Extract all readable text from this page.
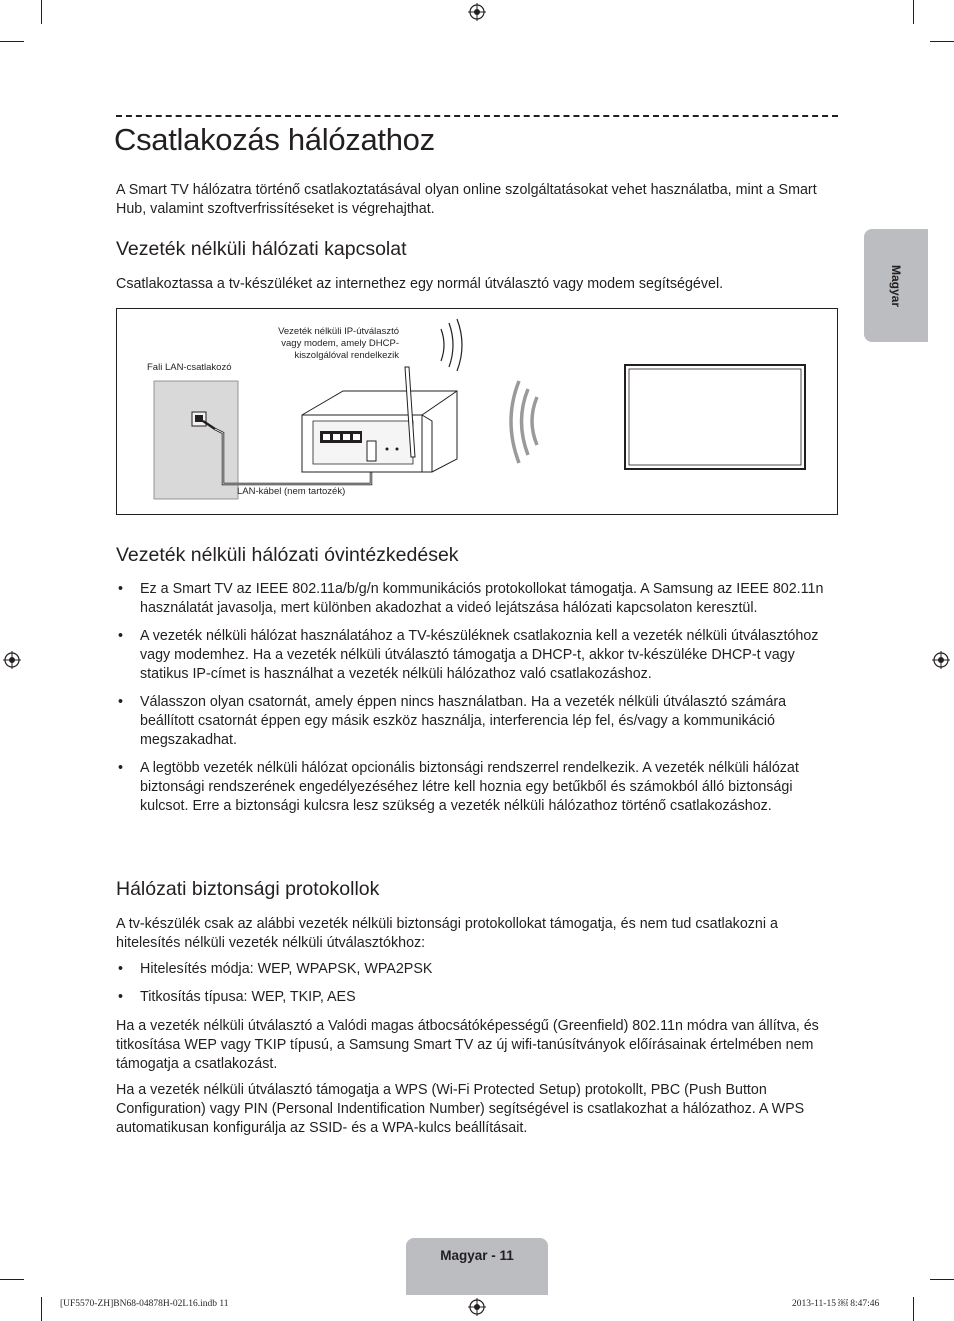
Magyar
Csatlakozás hálózathoz

A Smart TV hálózatra történő csatlakoztatásával olyan online szolgáltatásokat vehet használatba, mint a Smart Hub, valamint szoftverfrissítéseket is végrehajthat.

Vezeték nélküli hálózati kapcsolat

Csatlakoztassa a tv-készüléket az internethez egy normál útválasztó vagy modem segítségével.

Vezeték nélküli IP-útválasztó
vagy modem, amely DHCP-
kiszolgálóval rendelkezik
Fali LAN-csatlakozó
LAN-kábel (nem tartozék)
Vezeték nélküli hálózati óvintézkedések
• Ez a Smart TV az IEEE 802.11a/b/g/n kommunikációs protokollokat támogatja. A Samsung az IEEE 802.11n használatát javasolja, mert különben akadozhat a videó lejátszása hálózati kapcsolaton keresztül.
• A vezeték nélküli hálózat használatához a TV-készüléknek csatlakoznia kell a vezeték nélküli útválasztóhoz vagy modemhez. Ha a vezeték nélküli útválasztó támogatja a DHCP-t, akkor tv-készüléke DHCP-t vagy statikus IP-címet is használhat a vezeték nélküli hálózathoz való csatlakozáshoz.
• Válasszon olyan csatornát, amely éppen nincs használatban. Ha a vezeték nélküli útválasztó számára beállított csatornát éppen egy másik eszköz használja, interferencia lép fel, és/vagy a kommunikáció megszakadhat.
• A legtöbb vezeték nélküli hálózat opcionális biztonsági rendszerrel rendelkezik. A vezeték nélküli hálózat biztonsági rendszerének engedélyezéséhez létre kell hoznia egy betűkből és számokból álló biztonsági kulcsot. Erre a biztonsági kulcsra lesz szükség a vezeték nélküli hálózathoz történő csatlakozáshoz.
Hálózati biztonsági protokollok

A tv-készülék csak az alábbi vezeték nélküli biztonsági protokollokat támogatja, és nem tud csatlakozni a hitelesítés nélküli vezeték nélküli útválasztókhoz:

• Hitelesítés módja: WEP, WPAPSK, WPA2PSK
• Titkosítás típusa: WEP, TKIP, AES

Ha a vezeték nélküli útválasztó a Valódi magas átbocsátóképességű (Greenfield) 802.11n módra van állítva, és titkosítása WEP vagy TKIP típusú, a Samsung Smart TV az új wifi-tanúsítványok előírásainak értelmében nem támogatja a csatlakozást.

Ha a vezeték nélküli útválasztó támogatja a WPS (Wi-Fi Protected Setup) protokollt, PBC (Push Button Configuration) vagy PIN (Personal Indentification Number) segítségével is csatlakozhat a hálózathoz. A WPS automatikusan konfigurálja az SSID- és a WPA-kulcs beállításait.

Magyar - 11
[UF5570-ZH]BN68-04878H-02L16.indb 11	2013-11-15 ￼ 8:47:46
